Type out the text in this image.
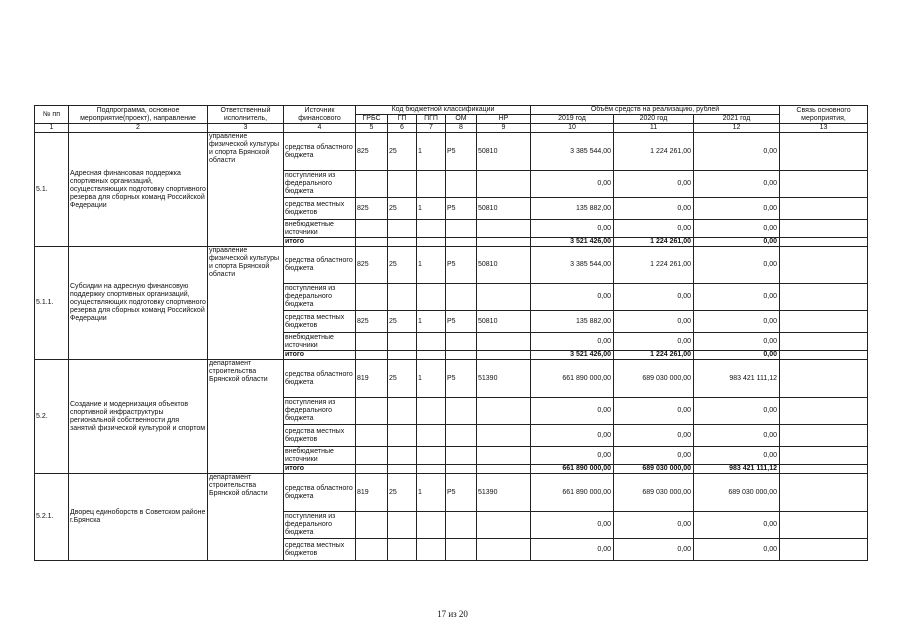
№ пп	Подпрограмма, основное мероприятие(проект), направление	Ответственный исполнитель,	Источник финансового	Код бюджетной классификации					Объём средств на реализацию, рублей			Связь основного мероприятия,
				ГРБС	ГП	ПГП	ОМ	НР	2019 год	2020 год	2021 год	
1	2	3	4	5	6	7	8	9	10	11	12	13
5.1.	Адресная финансовая поддержка спортивных организаций, осуществляющих подготовку спортивного резерва для сборных команд Российской Федерации	управление физической культуры и спорта Брянской области	средства областного бюджета	825	25	1	P5	50810	3 385 544,00	1 224 261,00	0,00	
			поступления из федерального бюджета						0,00	0,00	0,00	
			средства местных бюджетов	825	25	1	P5	50810	135 882,00	0,00	0,00	
			внебюджетные источники						0,00	0,00	0,00	
			итого						3 521 426,00	1 224 261,00	0,00	
5.1.1.	Субсидии на адресную финансовую поддержку спортивных организаций, осуществляющих подготовку спортивного резерва для сборных команд Российской Федерации	управление физической культуры и спорта Брянской области	средства областного бюджета	825	25	1	P5	50810	3 385 544,00	1 224 261,00	0,00	
			поступления из федерального бюджета						0,00	0,00	0,00	
			средства местных бюджетов	825	25	1	P5	50810	135 882,00	0,00	0,00	
			внебюджетные источники						0,00	0,00	0,00	
			итого						3 521 426,00	1 224 261,00	0,00	
5.2.	Создание и модернизация объектов спортивной инфраструктуры региональной собственности для занятий физической культурой и спортом	департамент строительства Брянской области	средства областного бюджета	819	25	1	P5	51390	661 890 000,00	689 030 000,00	983 421 111,12	
			поступления из федерального бюджета						0,00	0,00	0,00	
			средства местных бюджетов						0,00	0,00	0,00	
			внебюджетные источники						0,00	0,00	0,00	
			итого						661 890 000,00	689 030 000,00	983 421 111,12	
5.2.1.	Дворец единоборств в Советском районе г.Брянска	департамент строительства Брянской области	средства областного бюджета	819	25	1	P5	51390	661 890 000,00	689 030 000,00	689 030 000,00	
			поступления из федерального бюджета						0,00	0,00	0,00	
			средства местных бюджетов						0,00	0,00	0,00	
17 из 20
